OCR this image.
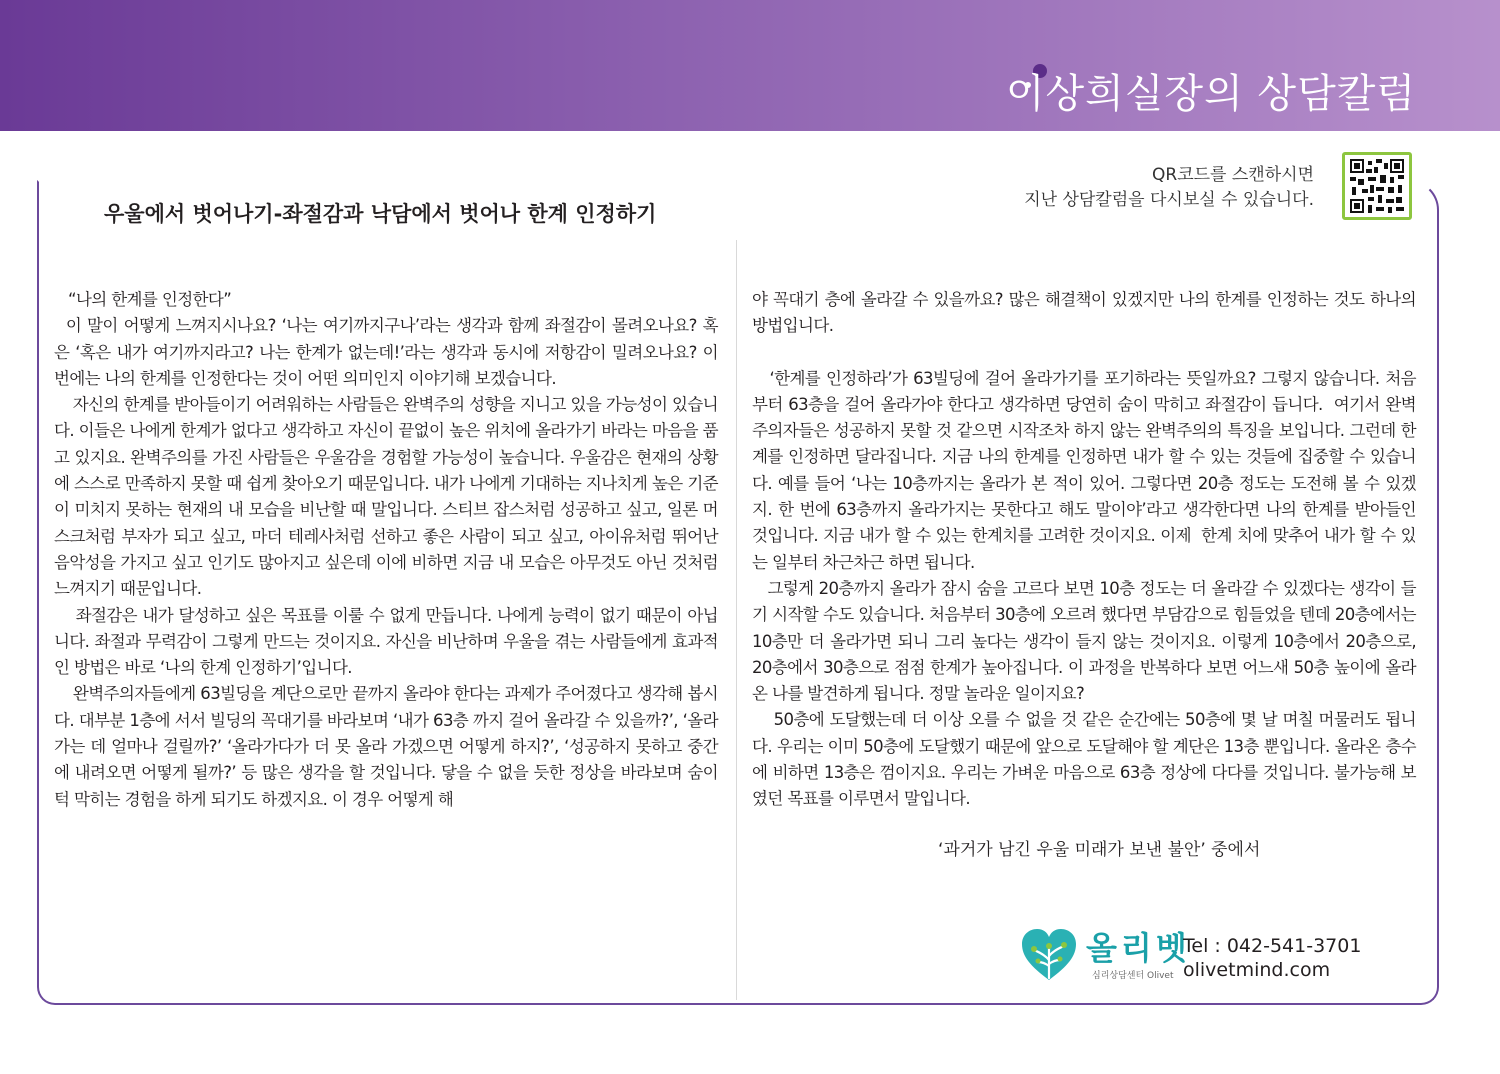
이상희실장의 상담칼럼
QR코드를 스캔하시면
지난 상담칼럼을 다시보실 수 있습니다.
우울에서 벗어나기-좌절감과 낙담에서 벗어나 한계 인정하기

“나의 한계를 인정한다”

이 말이 어떻게 느껴지시나요? ‘나는 여기까지구나’라는 생각과 함께 좌절감이 몰려오나요? 혹은 ‘혹은 내가 여기까지라고? 나는 한계가 없는데!’라는 생각과 동시에 저항감이 밀려오나요? 이번에는 나의 한계를 인정한다는 것이 어떤 의미인지 이야기해 보겠습니다.

자신의 한계를 받아들이기 어려워하는 사람들은 완벽주의 성향을 지니고 있을 가능성이 있습니다. 이들은 나에게 한계가 없다고 생각하고 자신이 끝없이 높은 위치에 올라가기 바라는 마음을 품고 있지요. 완벽주의를 가진 사람들은 우울감을 경험할 가능성이 높습니다. 우울감은 현재의 상황에 스스로 만족하지 못할 때 쉽게 찾아오기 때문입니다. 내가 나에게 기대하는 지나치게 높은 기준이 미치지 못하는 현재의 내 모습을 비난할 때 말입니다. 스티브 잡스처럼 성공하고 싶고, 일론 머스크처럼 부자가 되고 싶고, 마더 테레사처럼 선하고 좋은 사람이 되고 싶고, 아이유처럼 뛰어난 음악성을 가지고 싶고 인기도 많아지고 싶은데 이에 비하면 지금 내 모습은 아무것도 아닌 것처럼 느껴지기 때문입니다.

좌절감은 내가 달성하고 싶은 목표를 이룰 수 없게 만듭니다. 나에게 능력이 없기 때문이 아닙니다. 좌절과 무력감이 그렇게 만드는 것이지요. 자신을 비난하며 우울을 겪는 사람들에게 효과적인 방법은 바로 ‘나의 한계 인정하기’입니다.

완벽주의자들에게 63빌딩을 계단으로만 끝까지 올라야 한다는 과제가 주어졌다고 생각해 봅시다. 대부분 1층에 서서 빌딩의 꼭대기를 바라보며 ‘내가 63층 까지 걸어 올라갈 수 있을까?’, ‘올라가는 데 얼마나 걸릴까?’ ‘올라가다가 더 못 올라 가겠으면 어떻게 하지?’, ‘성공하지 못하고 중간에 내려오면 어떻게 될까?’ 등 많은 생각을 할 것입니다. 닿을 수 없을 듯한 정상을 바라보며 숨이 턱 막히는 경험을 하게 되기도 하겠지요. 이 경우 어떻게 해

야 꼭대기 층에 올라갈 수 있을까요? 많은 해결책이 있겠지만 나의 한계를 인정하는 것도 하나의 방법입니다.

‘한계를 인정하라’가 63빌딩에 걸어 올라가기를 포기하라는 뜻일까요? 그렇지 않습니다. 처음부터 63층을 걸어 올라가야 한다고 생각하면 당연히 숨이 막히고 좌절감이 듭니다.  여기서 완벽주의자들은 성공하지 못할 것 같으면 시작조차 하지 않는 완벽주의의 특징을 보입니다. 그런데 한계를 인정하면 달라집니다. 지금 나의 한계를 인정하면 내가 할 수 있는 것들에 집중할 수 있습니다. 예를 들어 ‘나는 10층까지는 올라가 본 적이 있어. 그렇다면 20층 정도는 도전해 볼 수 있겠지. 한 번에 63층까지 올라가지는 못한다고 해도 말이야’라고 생각한다면 나의 한계를 받아들인 것입니다. 지금 내가 할 수 있는 한계치를 고려한 것이지요. 이제  한계 치에 맞추어 내가 할 수 있는 일부터 차근차근 하면 됩니다.

그렇게 20층까지 올라가 잠시 숨을 고르다 보면 10층 정도는 더 올라갈 수 있겠다는 생각이 들기 시작할 수도 있습니다. 처음부터 30층에 오르려 했다면 부담감으로 힘들었을 텐데 20층에서는 10층만 더 올라가면 되니 그리 높다는 생각이 들지 않는 것이지요. 이렇게 10층에서 20층으로, 20층에서 30층으로 점점 한계가 높아집니다. 이 과정을 반복하다 보면 어느새 50층 높이에 올라온 나를 발견하게 됩니다. 정말 놀라운 일이지요?

50층에 도달했는데 더 이상 오를 수 없을 것 같은 순간에는 50층에 몇 날 며칠 머물러도 됩니다. 우리는 이미 50층에 도달했기 때문에 앞으로 도달해야 할 계단은 13층 뿐입니다. 올라온 층수에 비하면 13층은 껌이지요. 우리는 가벼운 마음으로 63층 정상에 다다를 것입니다. 불가능해 보였던 목표를 이루면서 말입니다.

‘과거가 남긴 우울 미래가 보낸 불안’ 중에서
올리벳
심리상담센터 Olivet
Tel : 042-541-3701
olivetmind.com
